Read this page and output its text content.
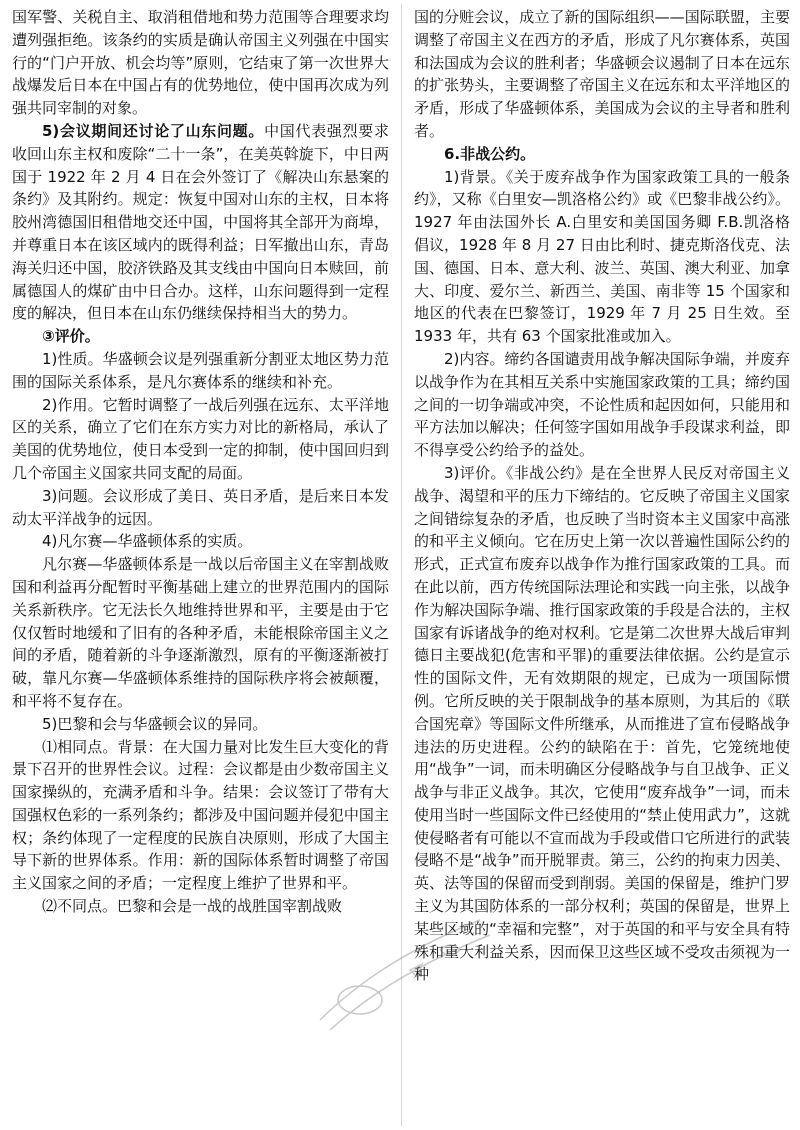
国军警、关税自主、取消租借地和势力范围等合理要求均遭列强拒绝。该条约的实质是确认帝国主义列强在中国实行的“门户开放、机会均等”原则，它结束了第一次世界大战爆发后日本在中国占有的优势地位，使中国再次成为列强共同宰制的对象。

5)会议期间还讨论了山东问题。中国代表强烈要求收回山东主权和废除“二十一条”，在美英斡旋下，中日两国于 1922 年 2 月 4 日在会外签订了《解决山东悬案的条约》及其附约。规定：恢复中国对山东的主权，日本将胶州湾德国旧租借地交还中国，中国将其全部开为商埠，并尊重日本在该区域内的既得利益；日军撤出山东，青岛海关归还中国，胶济铁路及其支线由中国向日本赎回，前属德国人的煤矿由中日合办。这样，山东问题得到一定程度的解决，但日本在山东仍继续保持相当大的势力。

③评价。

1)性质。华盛顿会议是列强重新分割亚太地区势力范围的国际关系体系，是凡尔赛体系的继续和补充。

2)作用。它暂时调整了一战后列强在远东、太平洋地区的关系，确立了它们在东方实力对比的新格局，承认了美国的优势地位，使日本受到一定的抑制，使中国回归到几个帝国主义国家共同支配的局面。

3)问题。会议形成了美日、英日矛盾，是后来日本发动太平洋战争的远因。

4)凡尔赛—华盛顿体系的实质。

凡尔赛—华盛顿体系是一战以后帝国主义在宰割战败国和利益再分配暂时平衡基础上建立的世界范围内的国际关系新秩序。它无法长久地维持世界和平，主要是由于它仅仅暂时地缓和了旧有的各种矛盾，未能根除帝国主义之间的矛盾，随着新的斗争逐渐激烈，原有的平衡逐渐被打破，靠凡尔赛—华盛顿体系维持的国际秩序将会被颠覆，和平将不复存在。

5)巴黎和会与华盛顿会议的异同。

⑴相同点。背景：在大国力量对比发生巨大变化的背景下召开的世界性会议。过程：会议都是由少数帝国主义国家操纵的，充满矛盾和斗争。结果：会议签订了带有大国强权色彩的一系列条约；都涉及中国问题并侵犯中国主权；条约体现了一定程度的民族自决原则，形成了大国主导下新的世界体系。作用：新的国际体系暂时调整了帝国主义国家之间的矛盾；一定程度上维护了世界和平。

⑵不同点。巴黎和会是一战的战胜国宰割战败

国的分赃会议，成立了新的国际组织——国际联盟，主要调整了帝国主义在西方的矛盾，形成了凡尔赛体系，英国和法国成为会议的胜利者；华盛顿会议遏制了日本在远东的扩张势头，主要调整了帝国主义在远东和太平洋地区的矛盾，形成了华盛顿体系，美国成为会议的主导者和胜利者。

6.非战公约。

1)背景。《关于废弃战争作为国家政策工具的一般条约》，又称《白里安—凯洛格公约》或《巴黎非战公约》。1927 年由法国外长 A.白里安和美国国务卿 F.B.凯洛格倡议，1928 年 8 月 27 日由比利时、捷克斯洛伐克、法国、德国、日本、意大利、波兰、英国、澳大利亚、加拿大、印度、爱尔兰、新西兰、美国、南非等 15 个国家和地区的代表在巴黎签订，1929 年 7 月 25 日生效。至 1933 年，共有 63 个国家批准或加入。

2)内容。缔约各国谴责用战争解决国际争端，并废弃以战争作为在其相互关系中实施国家政策的工具；缔约国之间的一切争端或冲突，不论性质和起因如何，只能用和平方法加以解决；任何签字国如用战争手段谋求利益，即不得享受公约给予的益处。

3)评价。《非战公约》是在全世界人民反对帝国主义战争、渴望和平的压力下缔结的。它反映了帝国主义国家之间错综复杂的矛盾，也反映了当时资本主义国家中高涨的和平主义倾向。它在历史上第一次以普遍性国际公约的形式，正式宣布废弃以战争作为推行国家政策的工具。而在此以前，西方传统国际法理论和实践一向主张，以战争作为解决国际争端、推行国家政策的手段是合法的，主权国家有诉诸战争的绝对权利。它是第二次世界大战后审判德日主要战犯(危害和平罪)的重要法律依据。公约是宣示性的国际文件，无有效期限的规定，已成为一项国际惯例。它所反映的关于限制战争的基本原则，为其后的《联合国宪章》等国际文件所继承，从而推进了宣布侵略战争违法的历史进程。公约的缺陷在于：首先，它笼统地使用“战争”一词，而未明确区分侵略战争与自卫战争、正义战争与非正义战争。其次，它使用“废弃战争”一词，而未使用当时一些国际文件已经使用的“禁止使用武力”，这就使侵略者有可能以不宣而战为手段或借口它所进行的武装侵略不是“战争”而开脱罪责。第三，公约的拘束力因美、英、法等国的保留而受到削弱。美国的保留是，维护门罗主义为其国防体系的一部分权利；英国的保留是，世界上某些区域的“幸福和完整”，对于英国的和平与安全具有特殊和重大利益关系，因而保卫这些区域不受攻击须视为一种
